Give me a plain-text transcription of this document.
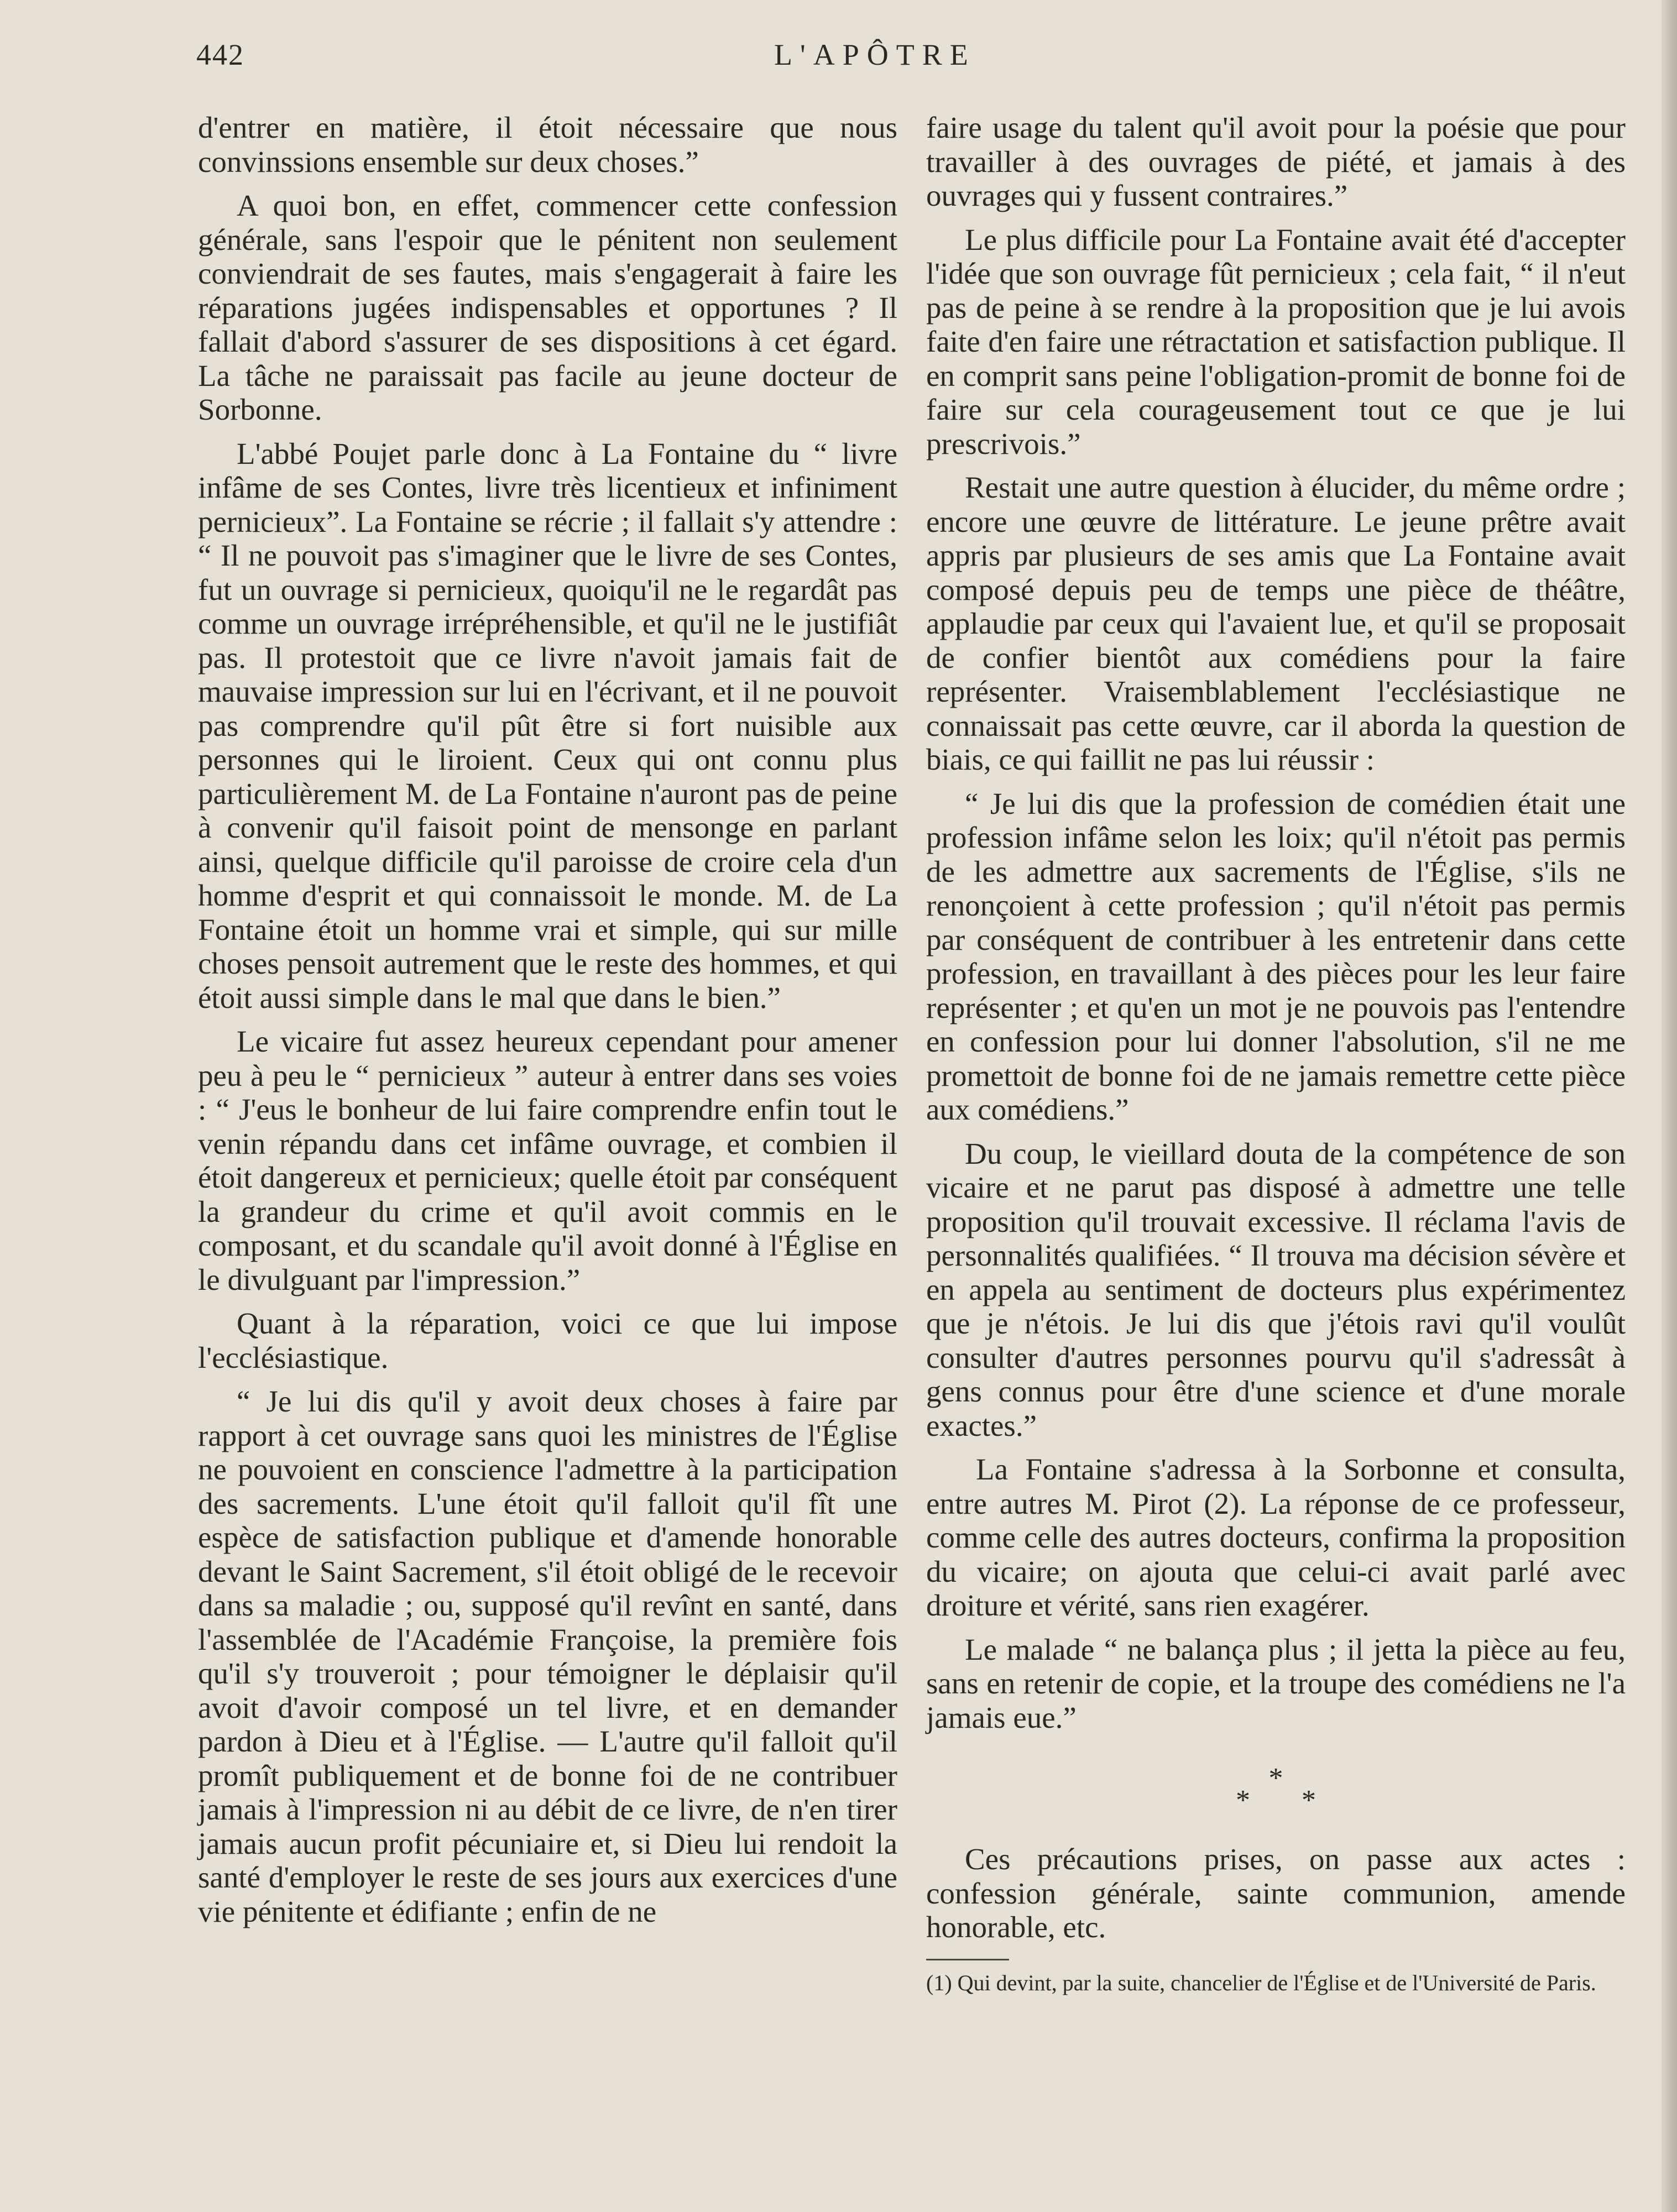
442	L'APÔTRE

d'entrer en matière, il étoit nécessaire que nous convinssions ensemble sur deux choses.”

A quoi bon, en effet, commencer cette confession générale, sans l'espoir que le pénitent non seulement conviendrait de ses fautes, mais s'engagerait à faire les réparations jugées indispensables et opportunes ? Il fallait d'abord s'assurer de ses dispositions à cet égard. La tâche ne paraissait pas facile au jeune docteur de Sorbonne.

L'abbé Poujet parle donc à La Fontaine du “ livre infâme de ses Contes, livre très licentieux et infiniment pernicieux”. La Fontaine se récrie ; il fallait s'y attendre : “ Il ne pouvoit pas s'imaginer que le livre de ses Contes, fut un ouvrage si pernicieux, quoiqu'il ne le regardât pas comme un ouvrage irrépréhensible, et qu'il ne le justifiât pas. Il protestoit que ce livre n'avoit jamais fait de mauvaise impression sur lui en l'écrivant, et il ne pouvoit pas comprendre qu'il pût être si fort nuisible aux personnes qui le liroient. Ceux qui ont connu plus particulièrement M. de La Fontaine n'auront pas de peine à convenir qu'il faisoit point de mensonge en parlant ainsi, quelque difficile qu'il paroisse de croire cela d'un homme d'esprit et qui connaissoit le monde. M. de La Fontaine étoit un homme vrai et simple, qui sur mille choses pensoit autrement que le reste des hommes, et qui étoit aussi simple dans le mal que dans le bien.”

Le vicaire fut assez heureux cependant pour amener peu à peu le “ pernicieux ” auteur à entrer dans ses voies : “ J'eus le bonheur de lui faire comprendre enfin tout le venin répandu dans cet infâme ouvrage, et combien il étoit dangereux et pernicieux; quelle étoit par conséquent la grandeur du crime et qu'il avoit commis en le composant, et du scandale qu'il avoit donné à l'Église en le divulguant par l'impression.”

Quant à la réparation, voici ce que lui impose l'ecclésiastique.

“ Je lui dis qu'il y avoit deux choses à faire par rapport à cet ouvrage sans quoi les ministres de l'Église ne pouvoient en conscience l'admettre à la participation des sacrements. L'une étoit qu'il falloit qu'il fît une espèce de satisfaction publique et d'amende honorable devant le Saint Sacrement, s'il étoit obligé de le recevoir dans sa maladie ; ou, supposé qu'il revînt en santé, dans l'assemblée de l'Académie Françoise, la première fois qu'il s'y trouveroit ; pour témoigner le déplaisir qu'il avoit d'avoir composé un tel livre, et en demander pardon à Dieu et à l'Église. — L'autre qu'il falloit qu'il promît publiquement et de bonne foi de ne contribuer jamais à l'impression ni au débit de ce livre, de n'en tirer jamais aucun profit pécuniaire et, si Dieu lui rendoit la santé d'employer le reste de ses jours aux exercices d'une vie pénitente et édifiante ; enfin de ne

faire usage du talent qu'il avoit pour la poésie que pour travailler à des ouvrages de piété, et jamais à des ouvrages qui y fussent contraires.”

Le plus difficile pour La Fontaine avait été d'accepter l'idée que son ouvrage fût pernicieux ; cela fait, “ il n'eut pas de peine à se rendre à la proposition que je lui avois faite d'en faire une rétractation et satisfaction publique. Il en comprit sans peine l'obligation-promit de bonne foi de faire sur cela courageusement tout ce que je lui prescrivois.”

Restait une autre question à élucider, du même ordre ; encore une œuvre de littérature. Le jeune prêtre avait appris par plusieurs de ses amis que La Fontaine avait composé depuis peu de temps une pièce de théâtre, applaudie par ceux qui l'avaient lue, et qu'il se proposait de confier bientôt aux comédiens pour la faire représenter. Vraisemblablement l'ecclésiastique ne connaissait pas cette œuvre, car il aborda la question de biais, ce qui faillit ne pas lui réussir :

“ Je lui dis que la profession de comédien était une profession infâme selon les loix; qu'il n'étoit pas permis de les admettre aux sacrements de l'Église, s'ils ne renonçoient à cette profession ; qu'il n'étoit pas permis par conséquent de contribuer à les entretenir dans cette profession, en travaillant à des pièces pour les leur faire représenter ; et qu'en un mot je ne pouvois pas l'entendre en confession pour lui donner l'absolution, s'il ne me promettoit de bonne foi de ne jamais remettre cette pièce aux comédiens.”

Du coup, le vieillard douta de la compétence de son vicaire et ne parut pas disposé à admettre une telle proposition qu'il trouvait excessive. Il réclama l'avis de personnalités qualifiées. “ Il trouva ma décision sévère et en appela au sentiment de docteurs plus expérimentez que je n'étois. Je lui dis que j'étois ravi qu'il voulût consulter d'autres personnes pourvu qu'il s'adressât à gens connus pour être d'une science et d'une morale exactes.”

La Fontaine s'adressa à la Sorbonne et consulta, entre autres M. Pirot (2). La réponse de ce professeur, comme celle des autres docteurs, confirma la proposition du vicaire; on ajouta que celui-ci avait parlé avec droiture et vérité, sans rien exagérer.

Le malade “ ne balança plus ; il jetta la pièce au feu, sans en retenir de copie, et la troupe des comédiens ne l'a jamais eue.”

*
* *

Ces précautions prises, on passe aux actes : confession générale, sainte communion, amende honorable, etc.

(1) Qui devint, par la suite, chancelier de l'Église et de l'Université de Paris.
